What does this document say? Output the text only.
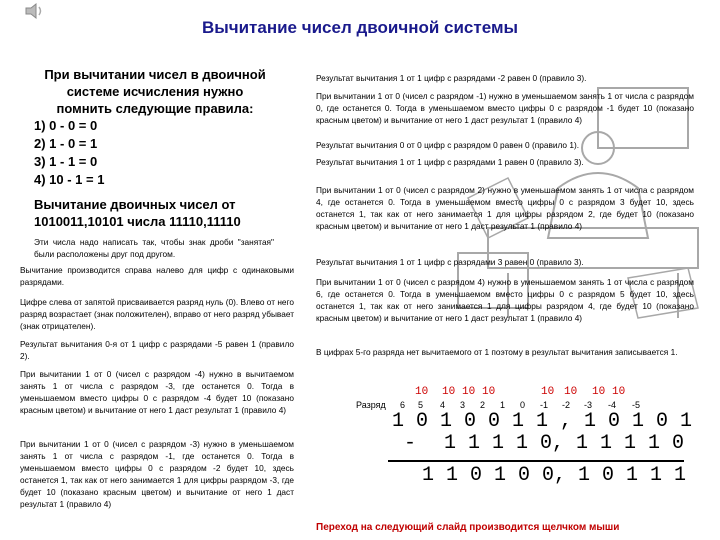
Вычитание чисел двоичной системы
При вычитании чисел в двоичной
системе исчисления нужно
помнить следующие правила:
1) 0 - 0 = 0
2) 1 - 0 = 1
3) 1 - 1 = 0
4) 10 - 1 = 1
Вычитание двоичных чисел от
1010011,10101 числа 11110,11110
Эти числа надо написать так, чтобы знак дроби "занятая" были расположены друг под другом.
Вычитание производится справа налево для цифр с одинаковыми разрядами.
Цифре слева от запятой присваивается разряд нуль (0). Влево от него разряд возрастает (знак положителен), вправо от него разряд убывает (знак отрицателен).
Результат вычитания 0-я от 1 цифр с разрядами -5 равен 1 (правило 2).
При вычитании 1 от 0 (чисел с разрядом -4) нужно в вычитаемом занять 1 от числа с разрядом -3, где останется 0. Тогда в уменьшаемом вместо цифры 0 с разрядом -4 будет 10 (показано красным цветом) и вычитание от него 1 даст результат 1 (правило 4)
При вычитании 1 от 0 (чисел с разрядом -3) нужно в уменьшаемом занять 1 от числа с разрядом -1, где останется 0. Тогда в уменьшаемом вместо цифры 0 с разрядом -2 будет 10, здесь останется 1, так как от него занимается 1 для цифры разрядом -3, где будет 10 (показано красным цветом) и вычитание от него 1 даст результат 1 (правило 4)
Результат вычитания 1 от 1 цифр с разрядами -2 равен 0 (правило 3).
При вычитании 1 от 0 (чисел с разрядом -1) нужно в уменьшаемом занять 1 от числа с разрядом 0, где останется 0. Тогда в уменьшаемом вместо цифры 0 с разрядом -1 будет 10 (показано красным цветом) и вычитание от него 1 даст результат 1 (правило 4)
Результат вычитания 0 от 0 цифр с разрядом 0 равен 0 (правило 1).
Результат вычитания 1 от 1 цифр с разрядами 1 равен 0 (правило 3).
При вычитании 1 от 0 (чисел с разрядом 2) нужно в уменьшаемом занять 1 от числа с разрядом 4, где останется 0. Тогда в уменьшаемом вместо цифры 0 с разрядом 3 будет 10, здесь останется 1, так как от него занимается 1 для цифры разрядом 2, где будет 10 (показано красным цветом) и вычитание от него 1 даст результат 1 (правило 4)
Результат вычитания 1 от 1 цифр с разрядами 3 равен 0 (правило 3).
При вычитании 1 от 0 (чисел с разрядом 4) нужно в уменьшаемом занять 1 от числа с разрядом 6, где останется 0. Тогда в уменьшаемом вместо цифры 0 с разрядом 5 будет 10, здесь останется 1, так как от него занимается 1 для цифры разрядом 4, где будет 10 (показано красным цветом) и вычитание от него 1 даст результат 1 (правило 4)
В цифрах 5-го разряда нет вычитаемого от 1 поэтому в результат вычитания записывается 1.
10 10 10 10	10 10 10 10
Разряд 6 5 4 3 2 1 0 -1 -2 -3 -4 -5
1 0 1 0 0 1 1 , 1 0 1 0 1
- 1 1 1 1 0, 1 1 1 1 0
1 1 0 1 0 0, 1 0 1 1 1
Переход на следующий слайд производится щелчком мыши
